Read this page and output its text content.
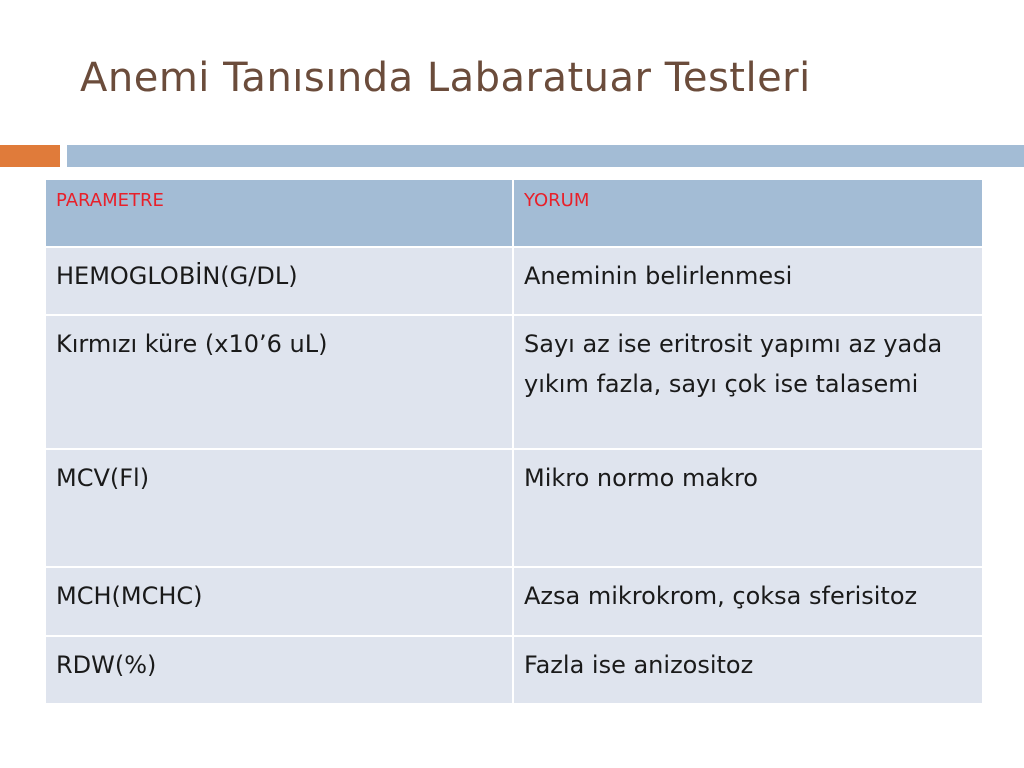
Anemi Tanısında Labaratuar Testleri
PARAMETRE	YORUM
HEMOGLOBİN(G/DL)	Aneminin belirlenmesi
Kırmızı küre (x10’6 uL)	Sayı az ise eritrosit yapımı az yada yıkım fazla, sayı çok ise talasemi
MCV(Fl)	Mikro normo makro
MCH(MCHC)	Azsa mikrokrom, çoksa sferisitoz
RDW(%)	Fazla ise anizositoz
